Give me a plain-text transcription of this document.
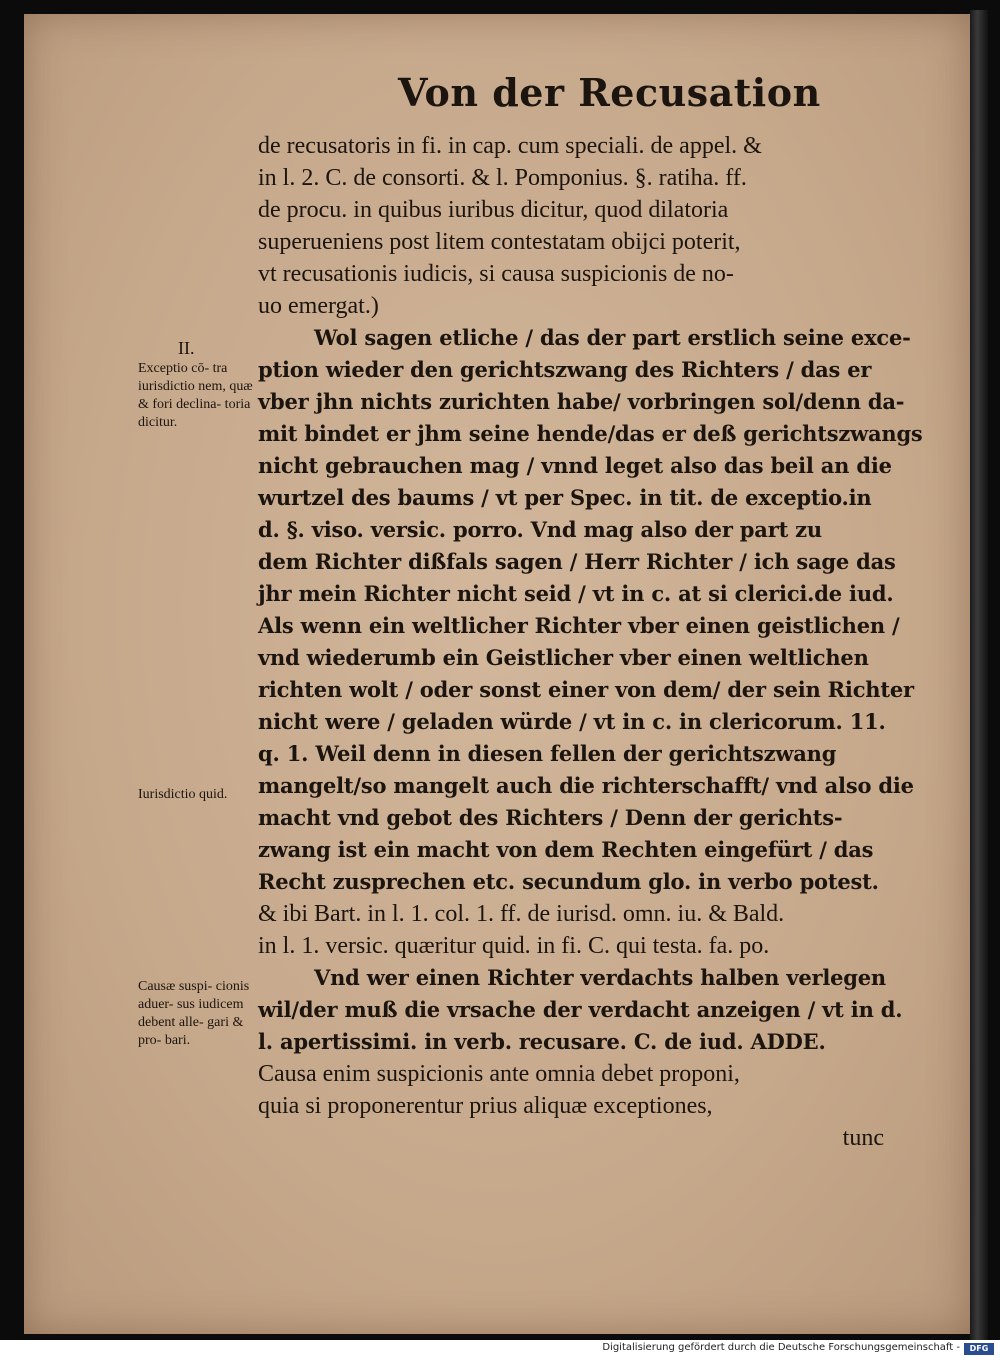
Von der Recusation
II.
Exceptio cō- tra iurisdictio nem, quæ & fori declina- toria dicitur.
Iurisdictio quid.
Causæ suspi- cionis aduer- sus iudicem debent alle- gari & pro- bari.
de recusatoris in fi. in cap. cum speciali. de appel. &
in l. 2. C. de consorti. & l. Pomponius. §. ratiha. ff.
de procu. in quibus iuribus dicitur, quod dilatoria
superueniens post litem contestatam obijci poterit,
vt recusationis iudicis, si causa suspicionis de no-
uo emergat.)
Wol sagen etliche / das der part erstlich seine exce-
ption wieder den gerichtszwang des Richters / das er
vber jhn nichts zurichten habe/ vorbringen sol/denn da-
mit bindet er jhm seine hende/das er deß gerichtszwangs
nicht gebrauchen mag / vnnd leget also das beil an die
wurtzel des baums / vt per Spec. in tit. de exceptio.in
d. §. viso. versic. porro. Vnd mag also der part zu
dem Richter dißfals sagen / Herr Richter / ich sage das
jhr mein Richter nicht seid / vt in c. at si clerici.de iud.
Als wenn ein weltlicher Richter vber einen geistlichen /
vnd wiederumb ein Geistlicher vber einen weltlichen
richten wolt / oder sonst einer von dem/ der sein Richter
nicht were / geladen würde / vt in c. in clericorum. 11.
q. 1. Weil denn in diesen fellen der gerichtszwang
mangelt/so mangelt auch die richterschafft/ vnd also die
macht vnd gebot des Richters / Denn der gerichts-
zwang ist ein macht von dem Rechten eingefürt / das
Recht zusprechen etc. secundum glo. in verbo potest.
& ibi Bart. in l. 1. col. 1. ff. de iurisd. omn. iu. & Bald.
in l. 1. versic. quæritur quid. in fi. C. qui testa. fa. po.
Vnd wer einen Richter verdachts halben verlegen
wil/der muß die vrsache der verdacht anzeigen / vt in d.
l. apertissimi. in verb. recusare. C. de iud. ADDE.
Causa enim suspicionis ante omnia debet proponi,
quia si proponerentur prius aliquæ exceptiones,
tunc
Digitalisierung gefördert durch die Deutsche Forschungsgemeinschaft -	DFG
